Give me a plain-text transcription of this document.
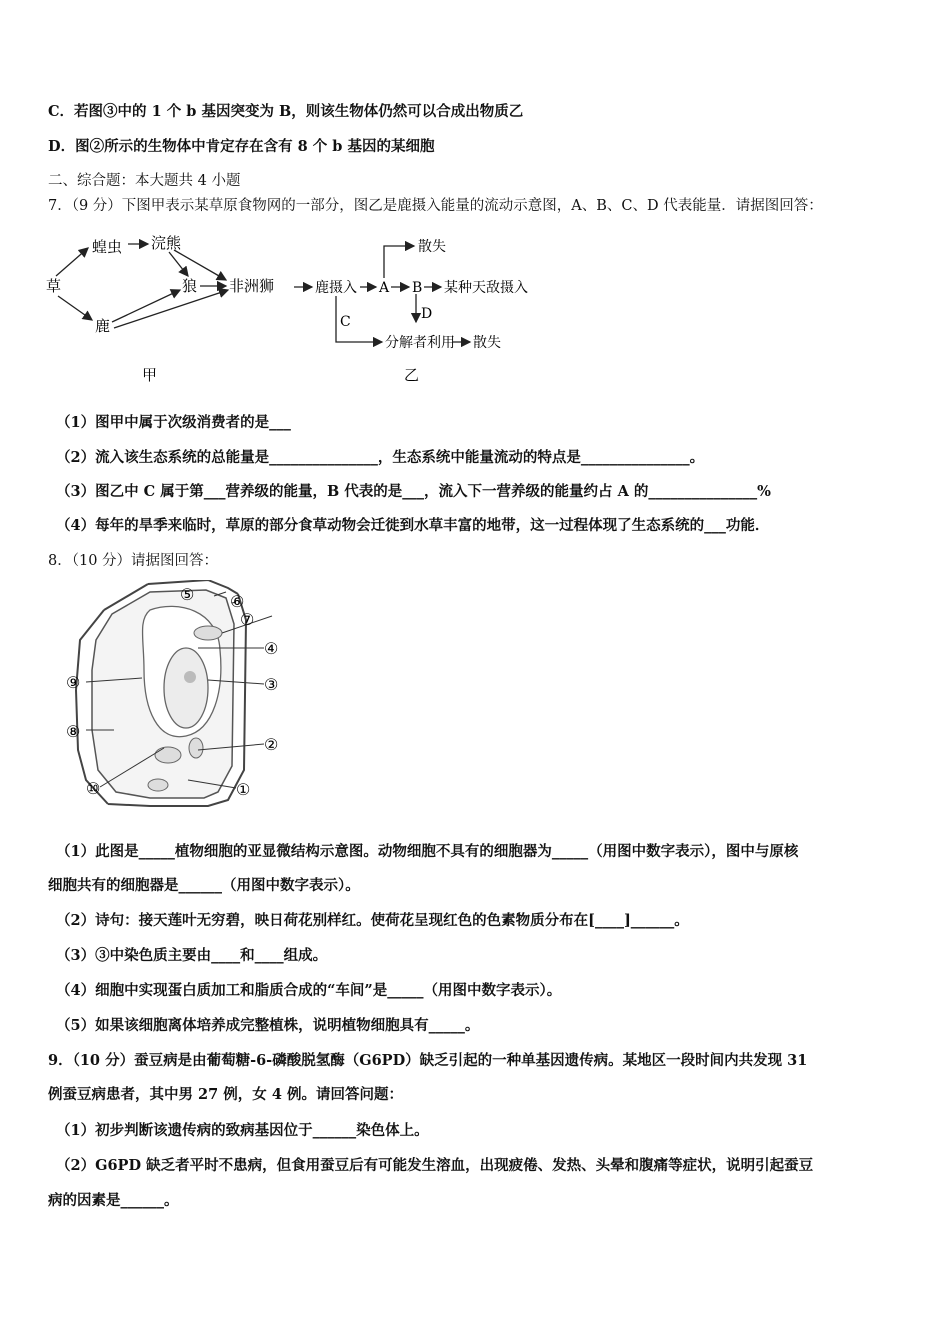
C．若图③中的 1 个 b 基因突变为 B，则该生物体仍然可以合成出物质乙
D．图②所示的生物体中肯定存在含有 8 个 b 基因的某细胞
二、综合题：本大题共 4 小题
7．（9 分）下图甲表示某草原食物网的一部分，图乙是鹿摄入能量的流动示意图，A、B、C、D 代表能量．请据图回答：
草
蝗虫 浣熊
狼 非洲狮
鹿
甲
鹿摄入 A B 某种天敌摄入
散失
D
C
分解者利用 散失
乙
（1）图甲中属于次级消费者的是___
（2）流入该生态系统的总能量是_______________，生态系统中能量流动的特点是_______________。
（3）图乙中 C 属于第___营养级的能量，B 代表的是___，流入下一营养级的能量约占 A 的_______________%
（4）每年的旱季来临时，草原的部分食草动物会迁徙到水草丰富的地带，这一过程体现了生态系统的___功能．
8．（10 分）请据图回答：
⑤ ⑥
⑦
④
③
②
①
⑨
⑧
⑩
（1）此图是_____植物细胞的亚显微结构示意图。动物细胞不具有的细胞器为_____（用图中数字表示），图中与原核
细胞共有的细胞器是______（用图中数字表示）。
（2）诗句：接天莲叶无穷碧，映日荷花别样红。使荷花呈现红色的色素物质分布在[____]______。
（3）③中染色质主要由____和____组成。
（4）细胞中实现蛋白质加工和脂质合成的“车间”是_____（用图中数字表示）。
（5）如果该细胞离体培养成完整植株，说明植物细胞具有_____。
9．（10 分）蚕豆病是由葡萄糖-6-磷酸脱氢酶（G6PD）缺乏引起的一种单基因遗传病。某地区一段时间内共发现 31
例蚕豆病患者，其中男 27 例，女 4 例。请回答问题：
（1）初步判断该遗传病的致病基因位于______染色体上。
（2）G6PD 缺乏者平时不患病，但食用蚕豆后有可能发生溶血，出现疲倦、发热、头晕和腹痛等症状，说明引起蚕豆
病的因素是______。
